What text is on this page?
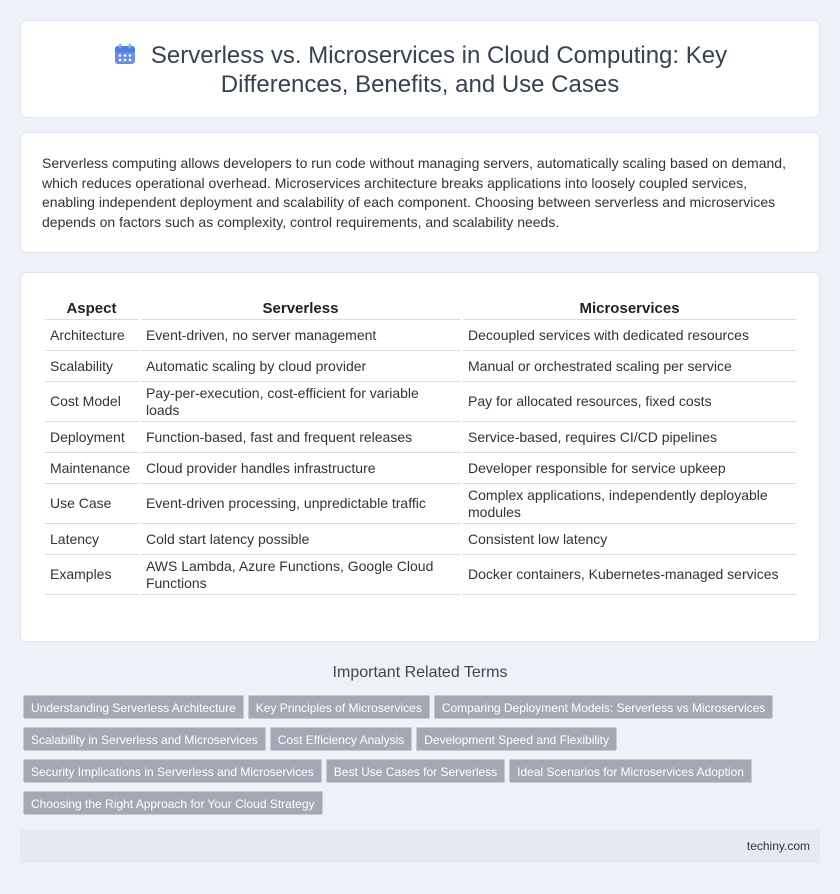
Serverless vs. Microservices in Cloud Computing: Key Differences, Benefits, and Use Cases

Serverless computing allows developers to run code without managing servers, automatically scaling based on demand, which reduces operational overhead. Microservices architecture breaks applications into loosely coupled services, enabling independent deployment and scalability of each component. Choosing between serverless and microservices depends on factors such as complexity, control requirements, and scalability needs.

Aspect	Serverless	Microservices
Architecture	Event-driven, no server management	Decoupled services with dedicated resources
Scalability	Automatic scaling by cloud provider	Manual or orchestrated scaling per service
Cost Model	Pay-per-execution, cost-efficient for variable loads	Pay for allocated resources, fixed costs
Deployment	Function-based, fast and frequent releases	Service-based, requires CI/CD pipelines
Maintenance	Cloud provider handles infrastructure	Developer responsible for service upkeep
Use Case	Event-driven processing, unpredictable traffic	Complex applications, independently deployable modules
Latency	Cold start latency possible	Consistent low latency
Examples	AWS Lambda, Azure Functions, Google Cloud Functions	Docker containers, Kubernetes-managed services
Important Related Terms
Understanding Serverless Architecture Key Principles of Microservices Comparing Deployment Models: Serverless vs Microservices
Scalability in Serverless and Microservices Cost Efficiency Analysis Development Speed and Flexibility
Security Implications in Serverless and Microservices Best Use Cases for Serverless Ideal Scenarios for Microservices Adoption
Choosing the Right Approach for Your Cloud Strategy
techiny.com
